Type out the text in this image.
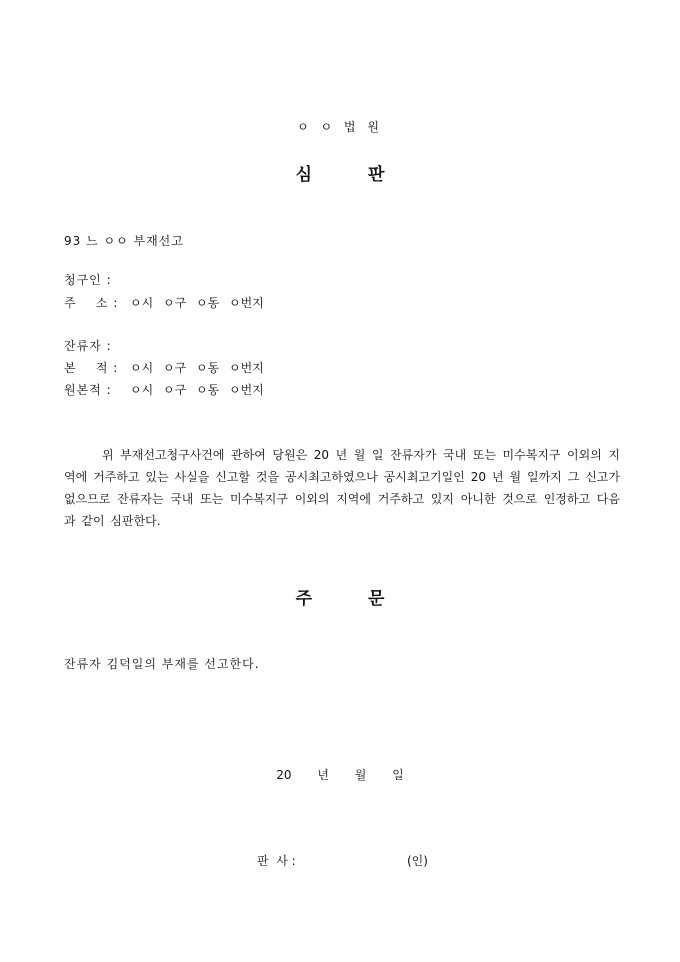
ㅇ ㅇ 법 원
심	판
93 느 ㅇㅇ 부재선고
청구인 :
주    소 : ㅇ시 ㅇ구 ㅇ동 ㅇ번지
잔류자 :
본    적 : ㅇ시 ㅇ구 ㅇ동 ㅇ번지
원본적 :	ㅇ시 ㅇ구 ㅇ동 ㅇ번지
위 부재선고청구사건에 관하여 당원은 20 년 월 일 잔류자가 국내 또는 미수복지구 이외의 지역에 거주하고 있는 사실을 신고할 것을 공시최고하였으나 공시최고기일인 20 년 월 일까지 그 신고가 없으므로 잔류자는 국내 또는 미수복지구 이외의 지역에 거주하고 있지 아니한 것으로 인정하고 다음과 같이 심판한다.
주	문
잔류자 김덕일의 부재를 선고한다.
20 년 월 일
판  사 :	(인)
